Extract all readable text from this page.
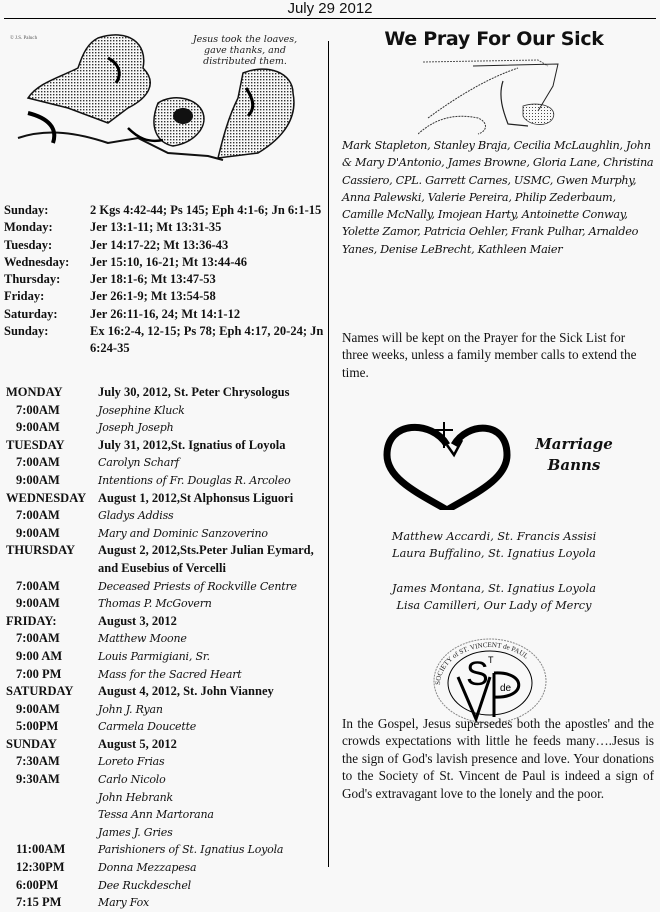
July 29 2012
© J.S. Paluch	Jesus took the loaves,
gave thanks, and
distributed them.
Sunday:	2 Kgs 4:42-44; Ps 145; Eph 4:1-6; Jn 6:1-15
Monday:	Jer 13:1-11; Mt 13:31-35
Tuesday:	Jer 14:17-22; Mt 13:36-43
Wednesday:	Jer 15:10, 16-21; Mt 13:44-46
Thursday:	Jer 18:1-6; Mt 13:47-53
Friday:	Jer 26:1-9; Mt 13:54-58
Saturday:	Jer 26:11-16, 24; Mt 14:1-12
Sunday:	Ex 16:2-4, 12-15; Ps 78; Eph 4:17, 20-24; Jn 6:24-35
MONDAY	July 30, 2012, St. Peter Chrysologus
7:00AM	Josephine Kluck
9:00AM	Joseph Joseph
TUESDAY	July 31, 2012,St. Ignatius of Loyola
7:00AM	Carolyn Scharf
9:00AM	Intentions of Fr. Douglas R. Arcoleo
WEDNESDAY August 1, 2012,St Alphonsus Liguori
7:00AM	Gladys Addiss
9:00AM	Mary and Dominic Sanzoverino
THURSDAY	August 2, 2012,Sts.Peter Julian Eymard, and Eusebius of Vercelli
7:00AM	Deceased Priests of Rockville Centre
9:00AM	Thomas P. McGovern
FRIDAY:	August 3, 2012
7:00AM	Matthew Moone
9:00 AM	Louis Parmigiani, Sr.
7:00 PM	Mass for the Sacred Heart
SATURDAY	August 4, 2012, St. John Vianney
9:00AM	John J. Ryan
5:00PM	Carmela Doucette
SUNDAY	August 5, 2012
7:30AM	Loreto Frias
9:30AM	Carlo Nicolo
John Hebrank
Tessa Ann Martorana
James J. Gries
11:00AM	Parishioners of St. Ignatius Loyola
12:30PM	Donna Mezzapesa
6:00PM	Dee Ruckdeschel
7:15 PM	Mary Fox
We Pray For Our Sick
Mark Stapleton, Stanley Braja, Cecilia McLaughlin, John & Mary D'Antonio, James Browne, Gloria Lane, Christina Cassiero, CPL. Garrett Carnes, USMC, Gwen Murphy, Anna Palewski, Valerie Pereira, Philip Zederbaum, Camille McNally, Imojean Harty, Antoinette Conway, Yolette Zamor, Patricia Oehler, Frank Pulhar, Arnaldeo Yanes, Denise LeBrecht, Kathleen Maier
Names will be kept on the Prayer for the Sick List for three weeks, unless a family member calls to extend the time.
Marriage
Banns
Matthew Accardi, St. Francis Assisi
Laura Buffalino, St. Ignatius Loyola
James Montana, St. Ignatius Loyola
Lisa Camilleri, Our Lady of Mercy
SOCIETY of ST. VINCENT de PAUL
S T
de
In the Gospel, Jesus supersedes both the apostles' and the crowds expectations with little he feeds many….Jesus is the sign of God's lavish presence and love. Your donations to the Society of St. Vincent de Paul is indeed a sign of God's extravagant love to the lonely and the poor.
